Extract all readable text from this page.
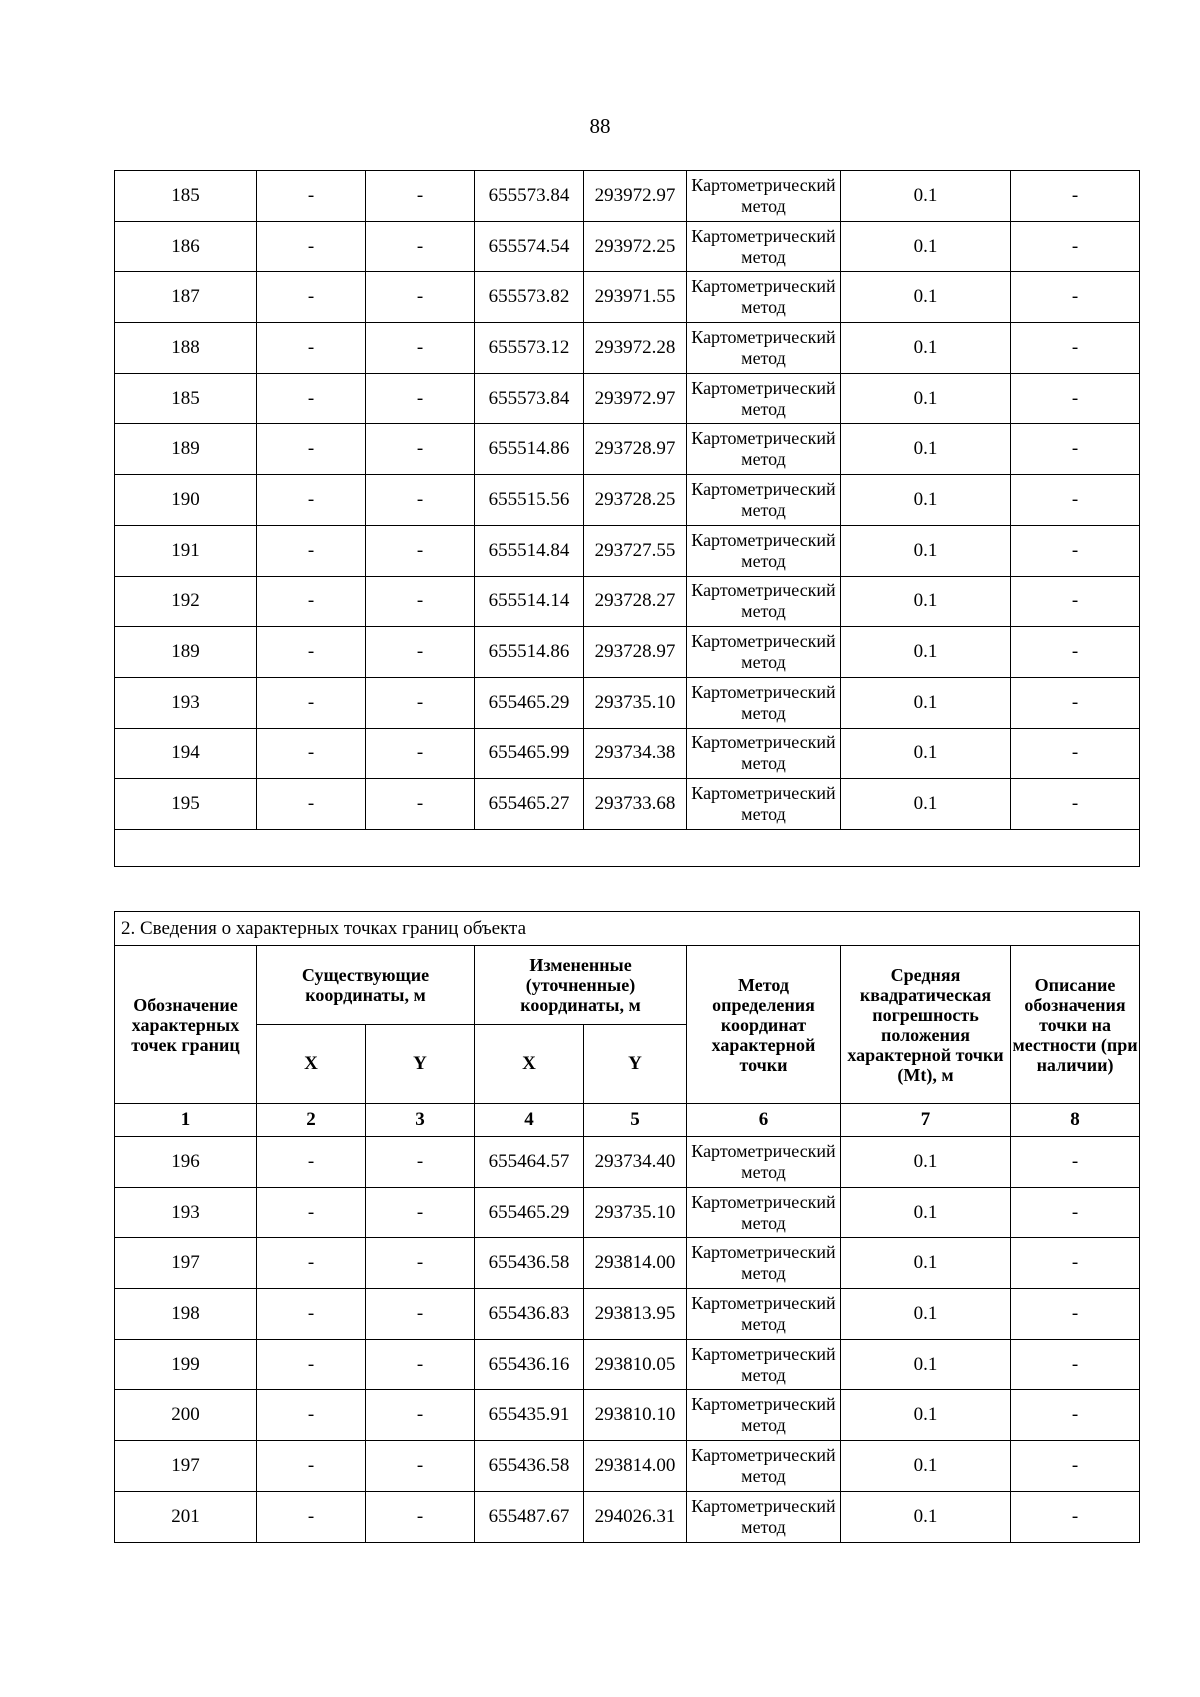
88
185	-	-	655573.84	293972.97	Картометрический метод	0.1	-
186	-	-	655574.54	293972.25	Картометрический метод	0.1	-
187	-	-	655573.82	293971.55	Картометрический метод	0.1	-
188	-	-	655573.12	293972.28	Картометрический метод	0.1	-
185	-	-	655573.84	293972.97	Картометрический метод	0.1	-
189	-	-	655514.86	293728.97	Картометрический метод	0.1	-
190	-	-	655515.56	293728.25	Картометрический метод	0.1	-
191	-	-	655514.84	293727.55	Картометрический метод	0.1	-
192	-	-	655514.14	293728.27	Картометрический метод	0.1	-
189	-	-	655514.86	293728.97	Картометрический метод	0.1	-
193	-	-	655465.29	293735.10	Картометрический метод	0.1	-
194	-	-	655465.99	293734.38	Картометрический метод	0.1	-
195	-	-	655465.27	293733.68	Картометрический метод	0.1	-

2. Сведения о характерных точках границ объекта							
Обозначение характерных точек границ	Существующие координаты, м		Измененные (уточненные) координаты, м		Метод определения координат характерной точки	Средняя квадратическая погрешность положения характерной точки (Mt), м	Описание обозначения точки на местности (при наличии)
	X	Y	X	Y			
1	2	3	4	5	6	7	8
196	-	-	655464.57	293734.40	Картометрический метод	0.1	-
193	-	-	655465.29	293735.10	Картометрический метод	0.1	-
197	-	-	655436.58	293814.00	Картометрический метод	0.1	-
198	-	-	655436.83	293813.95	Картометрический метод	0.1	-
199	-	-	655436.16	293810.05	Картометрический метод	0.1	-
200	-	-	655435.91	293810.10	Картометрический метод	0.1	-
197	-	-	655436.58	293814.00	Картометрический метод	0.1	-
201	-	-	655487.67	294026.31	Картометрический метод	0.1	-
